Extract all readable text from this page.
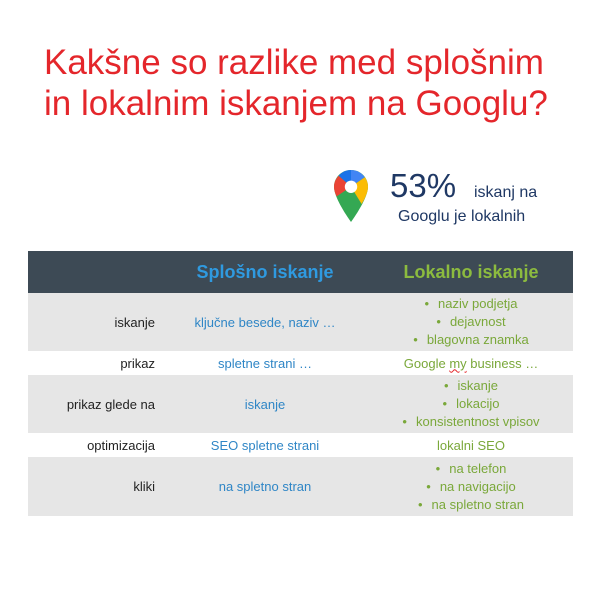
Kakšne so razlike med splošnim in lokalnim iskanjem na Googlu?
53% iskanj na
Googlu je lokalnih
	Splošno iskanje	Lokalno iskanje
iskanje	ključne besede, naziv …	• naziv podjetja
• dejavnost
• blagovna znamka

prikaz	spletne strani …	Google my business …
prikaz glede na	iskanje	• iskanje
• lokacijo
• konsistentnost vpisov

optimizacija	SEO spletne strani	lokalni SEO
kliki	na spletno stran	• na telefon
• na navigacijo
• na spletno stran
